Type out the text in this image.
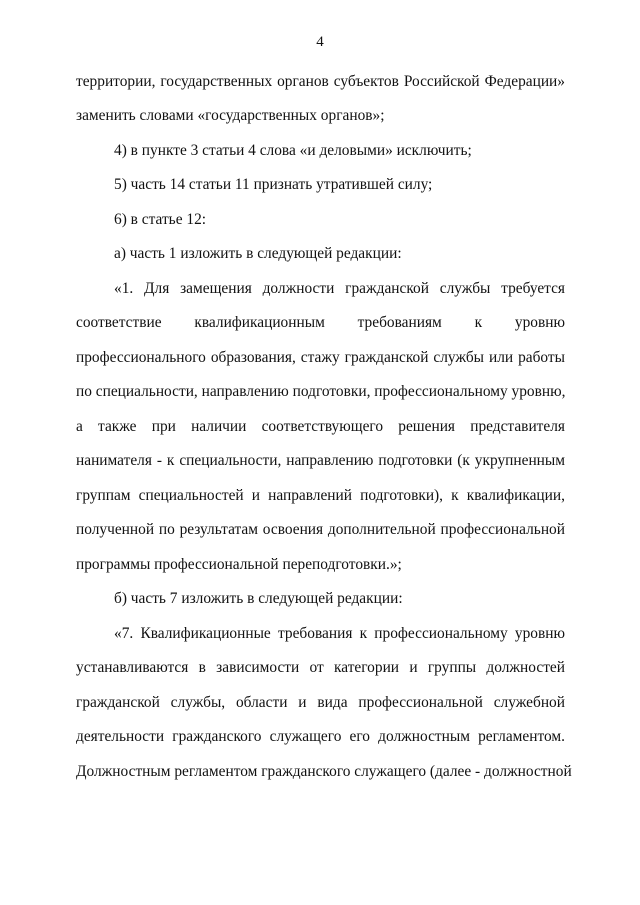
4
территории, государственных органов субъектов Российской Федерации»
заменить словами «государственных органов»;
4) в пункте 3 статьи 4 слова «и деловыми» исключить;
5) часть 14 статьи 11 признать утратившей силу;
6) в статье 12:
а) часть 1 изложить в следующей редакции:
«1. Для замещения должности гражданской службы требуется
соответствие квалификационным требованиям к уровню
профессионального образования, стажу гражданской службы или работы
по специальности, направлению подготовки, профессиональному уровню,
а также при наличии соответствующего решения представителя
нанимателя - к специальности, направлению подготовки (к укрупненным
группам специальностей и направлений подготовки), к квалификации,
полученной по результатам освоения дополнительной профессиональной
программы профессиональной переподготовки.»;
б) часть 7 изложить в следующей редакции:
«7. Квалификационные требования к профессиональному уровню
устанавливаются в зависимости от категории и группы должностей
гражданской службы, области и вида профессиональной служебной
деятельности гражданского служащего его должностным регламентом.
Должностным регламентом гражданского служащего (далее - должностной
